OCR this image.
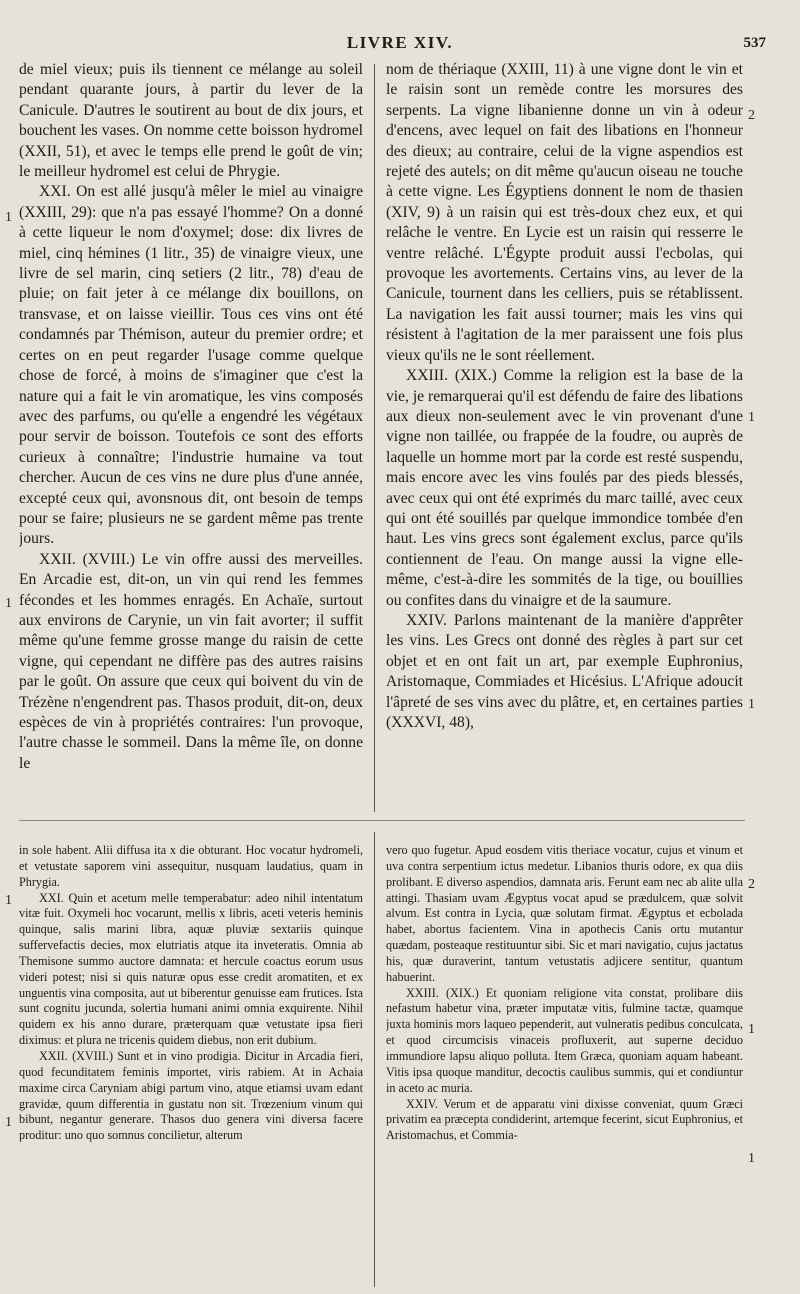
LIVRE XIV.	537

de miel vieux; puis ils tiennent ce mélange au soleil pendant quarante jours, à partir du lever de la Canicule. D'autres le soutirent au bout de dix jours, et bouchent les vases. On nomme cette boisson hydromel (XXII, 51), et avec le temps elle prend le goût de vin; le meilleur hydromel est celui de Phrygie.

XXI. On est allé jusqu'à mêler le miel au vinaigre (XXIII, 29): que n'a pas essayé l'homme? On a donné à cette liqueur le nom d'oxymel; dose: dix livres de miel, cinq hémines (1 litr., 35) de vinaigre vieux, une livre de sel marin, cinq setiers (2 litr., 78) d'eau de pluie; on fait jeter à ce mélange dix bouillons, on transvase, et on laisse vieillir. Tous ces vins ont été condamnés par Thémison, auteur du premier ordre; et certes on en peut regarder l'usage comme quelque chose de forcé, à moins de s'imaginer que c'est la nature qui a fait le vin aromatique, les vins composés avec des parfums, ou qu'elle a engendré les végétaux pour servir de boisson. Toutefois ce sont des efforts curieux à connaître; l'industrie humaine va tout chercher. Aucun de ces vins ne dure plus d'une année, excepté ceux qui, avonsnous dit, ont besoin de temps pour se faire; plusieurs ne se gardent même pas trente jours.

XXII. (XVIII.) Le vin offre aussi des merveilles. En Arcadie est, dit-on, un vin qui rend les femmes fécondes et les hommes enragés. En Achaïe, surtout aux environs de Carynie, un vin fait avorter; il suffit même qu'une femme grosse mange du raisin de cette vigne, qui cependant ne diffère pas des autres raisins par le goût. On assure que ceux qui boivent du vin de Trézène n'engendrent pas. Thasos produit, dit-on, deux espèces de vin à propriétés contraires: l'un provoque, l'autre chasse le sommeil. Dans la même île, on donne le

nom de thériaque (XXIII, 11) à une vigne dont le vin et le raisin sont un remède contre les morsures des serpents. La vigne libanienne donne un vin à odeur d'encens, avec lequel on fait des libations en l'honneur des dieux; au contraire, celui de la vigne aspendios est rejeté des autels; on dit même qu'aucun oiseau ne touche à cette vigne. Les Égyptiens donnent le nom de thasien (XIV, 9) à un raisin qui est très-doux chez eux, et qui relâche le ventre. En Lycie est un raisin qui resserre le ventre relâché. L'Égypte produit aussi l'ecbolas, qui provoque les avortements. Certains vins, au lever de la Canicule, tournent dans les celliers, puis se rétablissent. La navigation les fait aussi tourner; mais les vins qui résistent à l'agitation de la mer paraissent une fois plus vieux qu'ils ne le sont réellement.

XXIII. (XIX.) Comme la religion est la base de la vie, je remarquerai qu'il est défendu de faire des libations aux dieux non-seulement avec le vin provenant d'une vigne non taillée, ou frappée de la foudre, ou auprès de laquelle un homme mort par la corde est resté suspendu, mais encore avec les vins foulés par des pieds blessés, avec ceux qui ont été exprimés du marc taillé, avec ceux qui ont été souillés par quelque immondice tombée d'en haut. Les vins grecs sont également exclus, parce qu'ils contiennent de l'eau. On mange aussi la vigne elle-même, c'est-à-dire les sommités de la tige, ou bouillies ou confites dans du vinaigre et de la saumure.

XXIV. Parlons maintenant de la manière d'apprêter les vins. Les Grecs ont donné des règles à part sur cet objet et en ont fait un art, par exemple Euphronius, Aristomaque, Commiades et Hicésius. L'Afrique adoucit l'âpreté de ses vins avec du plâtre, et, en certaines parties (XXXVI, 48),

in sole habent. Alii diffusa ita x die obturant. Hoc vocatur hydromeli, et vetustate saporem vini assequitur, nusquam laudatius, quam in Phrygia.

XXI. Quin et acetum melle temperabatur: adeo nihil intentatum vitæ fuit. Oxymeli hoc vocarunt, mellis x libris, aceti veteris heminis quinque, salis marini libra, aquæ pluviæ sextariis quinque suffervefactis decies, mox elutriatis atque ita inveteratis. Omnia ab Themisone summo auctore damnata: et hercule coactus eorum usus videri potest; nisi si quis naturæ opus esse credit aromatiten, et ex unguentis vina composita, aut ut biberentur genuisse eam frutices. Ista sunt cognitu jucunda, solertia humani animi omnia exquirente. Nihil quidem ex his anno durare, præterquam quæ vetustate ipsa fieri diximus: et plura ne tricenis quidem diebus, non erit dubium.

XXII. (XVIII.) Sunt et in vino prodigia. Dicitur in Arcadia fieri, quod fecunditatem feminis importet, viris rabiem. At in Achaia maxime circa Caryniam abigi partum vino, atque etiamsi uvam edant gravidæ, quum differentia in gustatu non sit. Trœzenium vinum qui bibunt, negantur generare. Thasos duo genera vini diversa facere proditur: uno quo somnus concilietur, alterum

vero quo fugetur. Apud eosdem vitis theriace vocatur, cujus et vinum et uva contra serpentium ictus medetur. Libanios thuris odore, ex qua diis prolibant. E diverso aspendios, damnata aris. Ferunt eam nec ab alite ulla attingi. Thasiam uvam Ægyptus vocat apud se prædulcem, quæ solvit alvum. Est contra in Lycia, quæ solutam firmat. Ægyptus et ecbolada habet, abortus facientem. Vina in apothecis Canis ortu mutantur quædam, posteaque restituuntur sibi. Sic et mari navigatio, cujus jactatus his, quæ duraverint, tantum vetustatis adjicere sentitur, quantum habuerint.

XXIII. (XIX.) Et quoniam religione vita constat, prolibare diis nefastum habetur vina, præter imputatæ vitis, fulmine tactæ, quamque juxta hominis mors laqueo pependerit, aut vulneratis pedibus conculcata, et quod circumcisis vinaceis profluxerit, aut superne deciduo immundiore lapsu aliquo polluta. Item Græca, quoniam aquam habeant. Vitis ipsa quoque manditur, decoctis caulibus summis, qui et condiuntur in aceto ac muria.

XXIV. Verum et de apparatu vini dixisse conveniat, quum Græci privatim ea præcepta condiderint, artemque fecerint, sicut Euphronius, et Aristomachus, et Commia-

1
1
2
1
1
1
1
2
1
1
